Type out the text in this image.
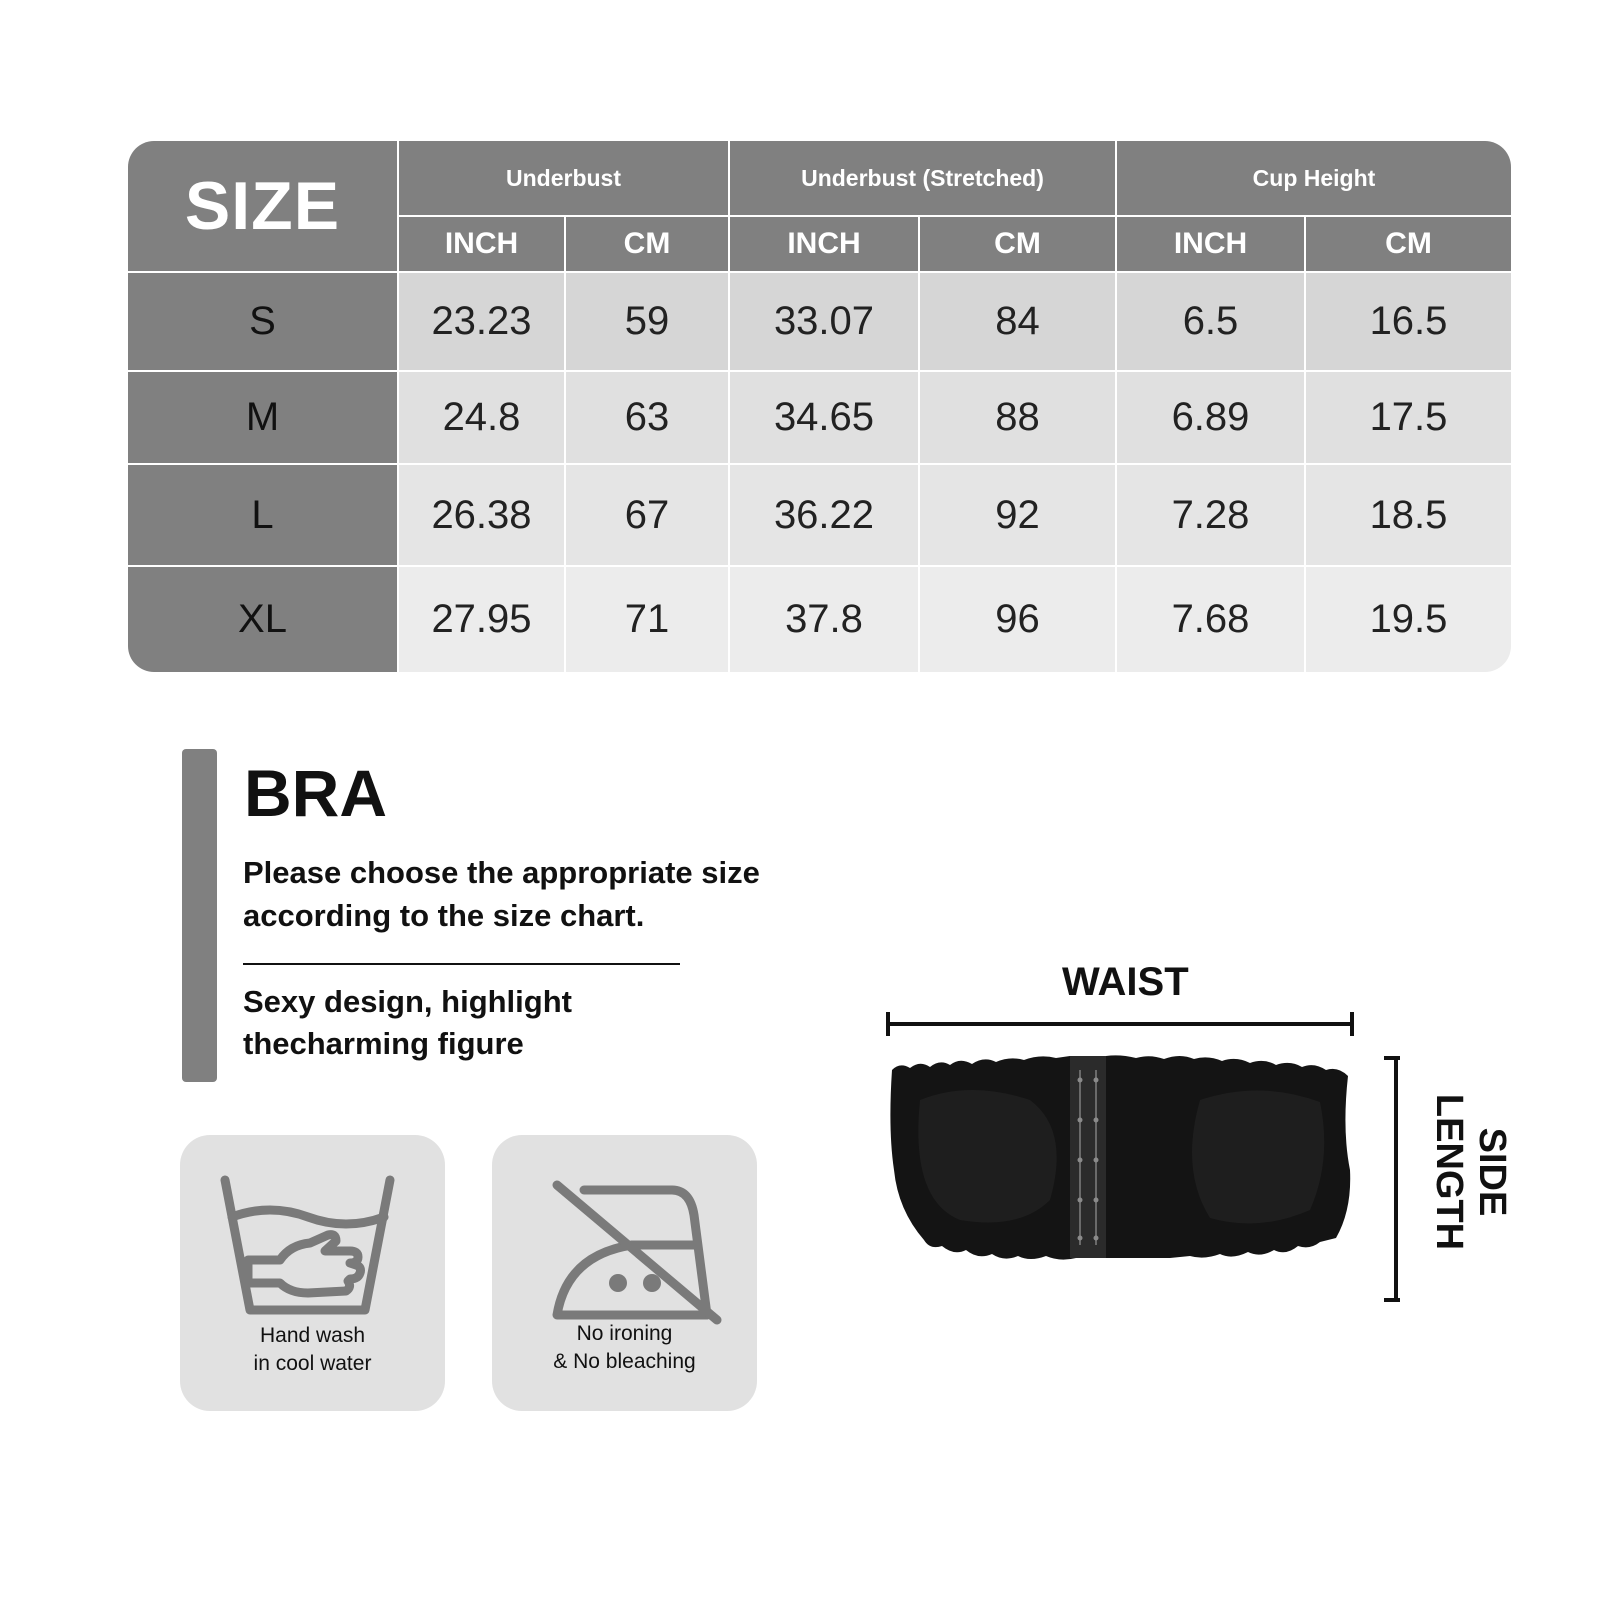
SIZE	Underbust	Underbust (Stretched)	Cup Height
INCH	CM	INCH	CM	INCH	CM
S	23.23	59	33.07	84	6.5	16.5
M	24.8	63	34.65	88	6.89	17.5
L	26.38	67	36.22	92	7.28	18.5
XL	27.95	71	37.8	96	7.68	19.5
BRA

Please choose the appropriate size according to the size chart.

Sexy design, highlight thecharming figure

Hand wash
in cool water
No ironing
& No bleaching
WAIST
SIDE LENGTH
